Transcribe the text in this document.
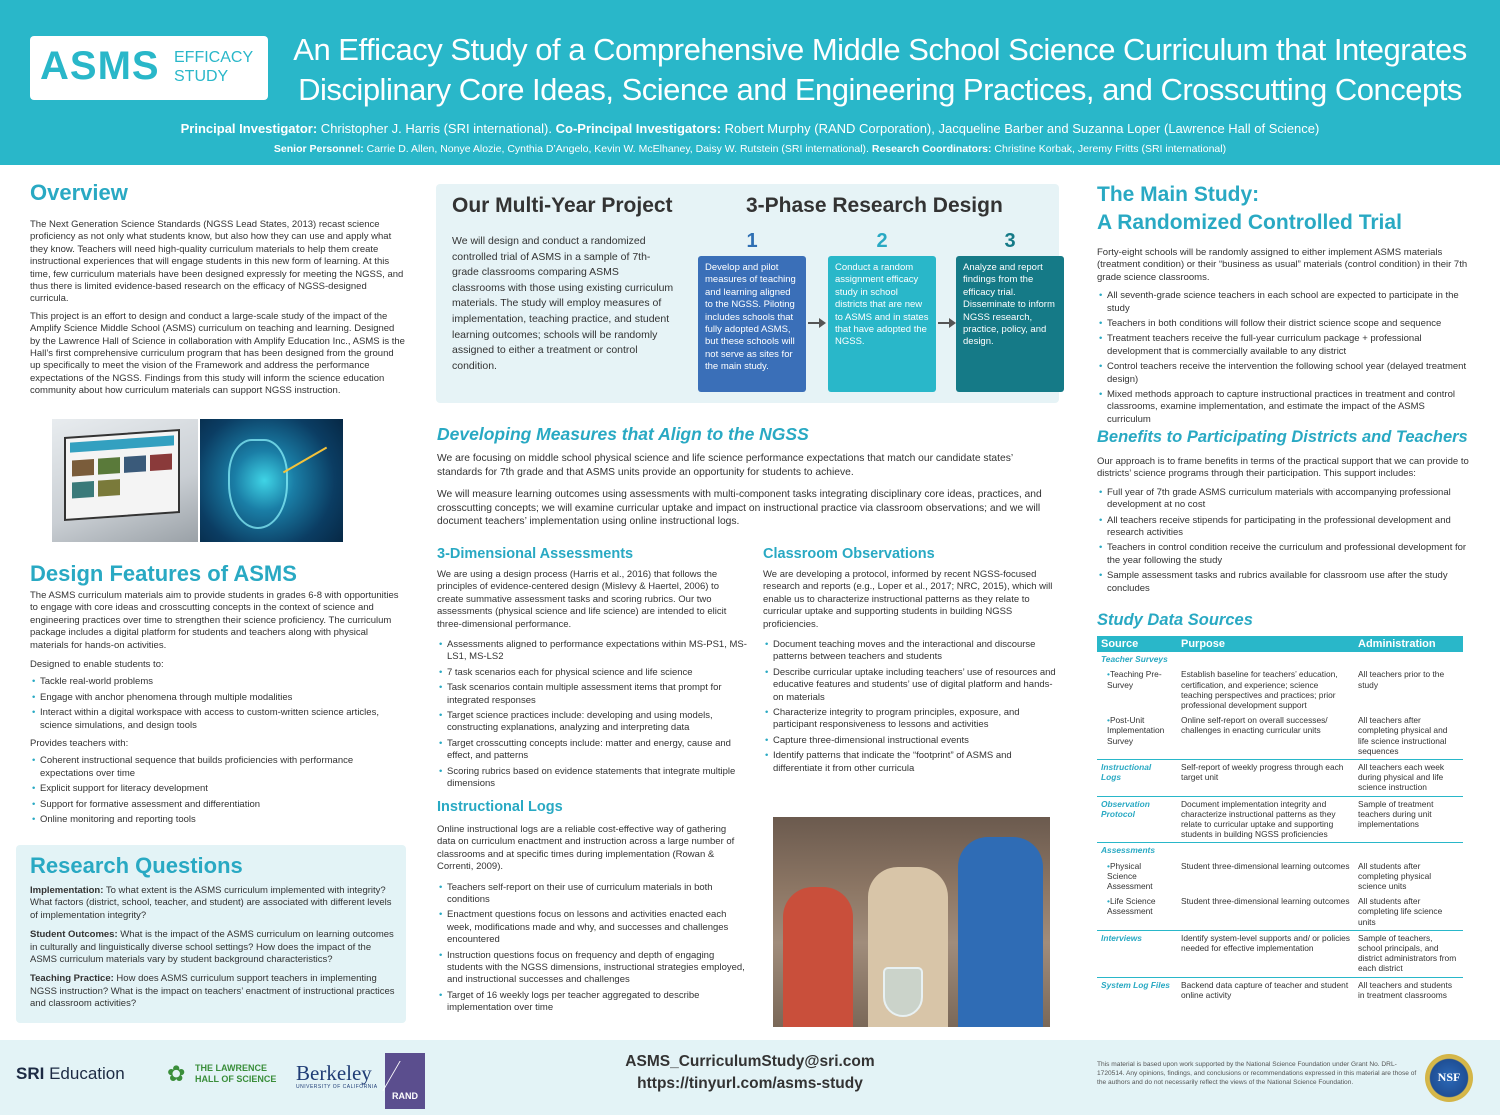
ASMS EFFICACY
STUDY
An Efficacy Study of a Comprehensive Middle School Science Curriculum that Integrates
Disciplinary Core Ideas, Science and Engineering Practices, and Crosscutting Concepts
Principal Investigator: Christopher J. Harris (SRI international). Co-Principal Investigators: Robert Murphy (RAND Corporation), Jacqueline Barber and Suzanna Loper (Lawrence Hall of Science)
Senior Personnel: Carrie D. Allen, Nonye Alozie, Cynthia D’Angelo, Kevin W. McElhaney, Daisy W. Rutstein (SRI international). Research Coordinators: Christine Korbak, Jeremy Fritts (SRI international)
Overview

The Next Generation Science Standards (NGSS Lead States, 2013) recast science proficiency as not only what students know, but also how they can use and apply what they know. Teachers will need high-quality curriculum materials to help them create instructional experiences that will engage students in this new form of learning. At this time, few curriculum materials have been designed expressly for meeting the NGSS, and thus there is limited evidence-based research on the efficacy of NGSS-designed curricula.

This project is an effort to design and conduct a large-scale study of the impact of the Amplify Science Middle School (ASMS) curriculum on teaching and learning. Designed by the Lawrence Hall of Science in collaboration with Amplify Education Inc., ASMS is the Hall’s first comprehensive curriculum program that has been designed from the ground up specifically to meet the vision of the Framework and address the performance expectations of the NGSS. Findings from this study will inform the science education community about how curriculum materials can support NGSS instruction.

Design Features of ASMS

The ASMS curriculum materials aim to provide students in grades 6-8 with opportunities to engage with core ideas and crosscutting concepts in the context of science and engineering practices over time to strengthen their science proficiency. The curriculum package includes a digital platform for students and teachers along with physical materials for hands-on activities.

Designed to enable students to:

• Tackle real-world problems
• Engage with anchor phenomena through multiple modalities
• Interact within a digital workspace with access to custom-written science articles, science simulations, and design tools

Provides teachers with:

• Coherent instructional sequence that builds proficiencies with performance expectations over time
• Explicit support for literacy development
• Support for formative assessment and differentiation
• Online monitoring and reporting tools
Research Questions

Implementation: To what extent is the ASMS curriculum implemented with integrity? What factors (district, school, teacher, and student) are associated with different levels of implementation integrity?

Student Outcomes: What is the impact of the ASMS curriculum on learning outcomes in culturally and linguistically diverse school settings? How does the impact of the ASMS curriculum materials vary by student background characteristics?

Teaching Practice: How does ASMS curriculum support teachers in implementing NGSS instruction? What is the impact on teachers’ enactment of instructional practices and classroom activities?

Our Multi-Year Project
We will design and conduct a randomized controlled trial of ASMS in a sample of 7th-grade classrooms comparing ASMS classrooms with those using existing curriculum materials. The study will employ measures of implementation, teaching practice, and student learning outcomes; schools will be randomly assigned to either a treatment or control condition.
3-Phase Research Design
1
Develop and pilot measures of teaching and learning aligned to the NGSS. Piloting includes schools that fully adopted ASMS, but these schools will not serve as sites for the main study.
2
Conduct a random assignment efficacy study in school districts that are new to ASMS and in states that have adopted the NGSS.
3
Analyze and report findings from the efficacy trial. Disseminate to inform NGSS research, practice, policy, and design.
Developing Measures that Align to the NGSS

We are focusing on middle school physical science and life science performance expectations that match our candidate states’ standards for 7th grade and that ASMS units provide an opportunity for students to achieve.

We will measure learning outcomes using assessments with multi-component tasks integrating disciplinary core ideas, practices, and crosscutting concepts; we will examine curricular uptake and impact on instructional practice via classroom observations; and we will document teachers’ implementation using online instructional logs.

3-Dimensional Assessments

We are using a design process (Harris et al., 2016) that follows the principles of evidence-centered design (Mislevy & Haertel, 2006) to create summative assessment tasks and scoring rubrics. Our two assessments (physical science and life science) are intended to elicit three-dimensional performance.

• Assessments aligned to performance expectations within MS-PS1, MS-LS1, MS-LS2
• 7 task scenarios each for physical science and life science
• Task scenarios contain multiple assessment items that prompt for integrated responses
• Target science practices include: developing and using models, constructing explanations, analyzing and interpreting data
• Target crosscutting concepts include: matter and energy, cause and effect, and patterns
• Scoring rubrics based on evidence statements that integrate multiple dimensions
Instructional Logs

Online instructional logs are a reliable cost-effective way of gathering data on curriculum enactment and instruction across a large number of classrooms and at specific times during implementation (Rowan & Correnti, 2009).

• Teachers self-report on their use of curriculum materials in both conditions
• Enactment questions focus on lessons and activities enacted each week, modifications made and why, and successes and challenges encountered
• Instruction questions focus on frequency and depth of engaging students with the NGSS dimensions, instructional strategies employed, and instructional successes and challenges
• Target of 16 weekly logs per teacher aggregated to describe implementation over time
Classroom Observations

We are developing a protocol, informed by recent NGSS-focused research and reports (e.g., Loper et al., 2017; NRC, 2015), which will enable us to characterize instructional patterns as they relate to curricular uptake and supporting students in building NGSS proficiencies.

• Document teaching moves and the interactional and discourse patterns between teachers and students
• Describe curricular uptake including teachers’ use of resources and educative features and students’ use of digital platform and hands-on materials
• Characterize integrity to program principles, exposure, and participant responsiveness to lessons and activities
• Capture three-dimensional instructional events
• Identify patterns that indicate the “footprint” of ASMS and differentiate it from other curricula
The Main Study:
A Randomized Controlled Trial

Forty-eight schools will be randomly assigned to either implement ASMS materials (treatment condition) or their “business as usual” materials (control condition) in their 7th grade science classrooms.

• All seventh-grade science teachers in each school are expected to participate in the study
• Teachers in both conditions will follow their district science scope and sequence
• Treatment teachers receive the full-year curriculum package + professional development that is commercially available to any district
• Control teachers receive the intervention the following school year (delayed treatment design)
• Mixed methods approach to capture instructional practices in treatment and control classrooms, examine implementation, and estimate the impact of the ASMS curriculum
Benefits to Participating Districts and Teachers

Our approach is to frame benefits in terms of the practical support that we can provide to districts’ science programs through their participation. This support includes:

• Full year of 7th grade ASMS curriculum materials with accompanying professional development at no cost
• All teachers receive stipends for participating in the professional development and research activities
• Teachers in control condition receive the curriculum and professional development for the year following the study
• Sample assessment tasks and rubrics available for classroom use after the study concludes
Study Data Sources
Source	Purpose	Administration
Teacher Surveys		
• Teaching Pre-Survey	Establish baseline for teachers’ education, certification, and experience; science teaching perspectives and practices; prior professional development support	All teachers prior to the study
• Post-Unit Implementation Survey	Online self-report on overall successes/ challenges in enacting curricular units	All teachers after completing physical and life science instructional sequences
Instructional Logs	Self-report of weekly progress through each target unit	All teachers each week during physical and life science instruction
Observation Protocol	Document implementation integrity and characterize instructional patterns as they relate to curricular uptake and supporting students in building NGSS proficiencies	Sample of treatment teachers during unit implementations
Assessments		
• Physical Science Assessment	Student three-dimensional learning outcomes	All students after completing physical science units
• Life Science Assessment	Student three-dimensional learning outcomes	All students after completing life science units
Interviews	Identify system-level supports and/ or policies needed for effective implementation	Sample of teachers, school principals, and district administrators from each district
System Log Files	Backend data capture of teacher and student online activity	All teachers and students in treatment classrooms
SRI Education ✿	THE LAWRENCE
HALL OF SCIENCE Berkeley
UNIVERSITY OF CALIFORNIA
RAND
ASMS_CurriculumStudy@sri.com
https://tinyurl.com/asms-study
This material is based upon work supported by the National Science Foundation under Grant No. DRL-1720514. Any opinions, findings, and conclusions or recommendations expressed in this material are those of the authors and do not necessarily reflect the views of the National Science Foundation.	NSF
